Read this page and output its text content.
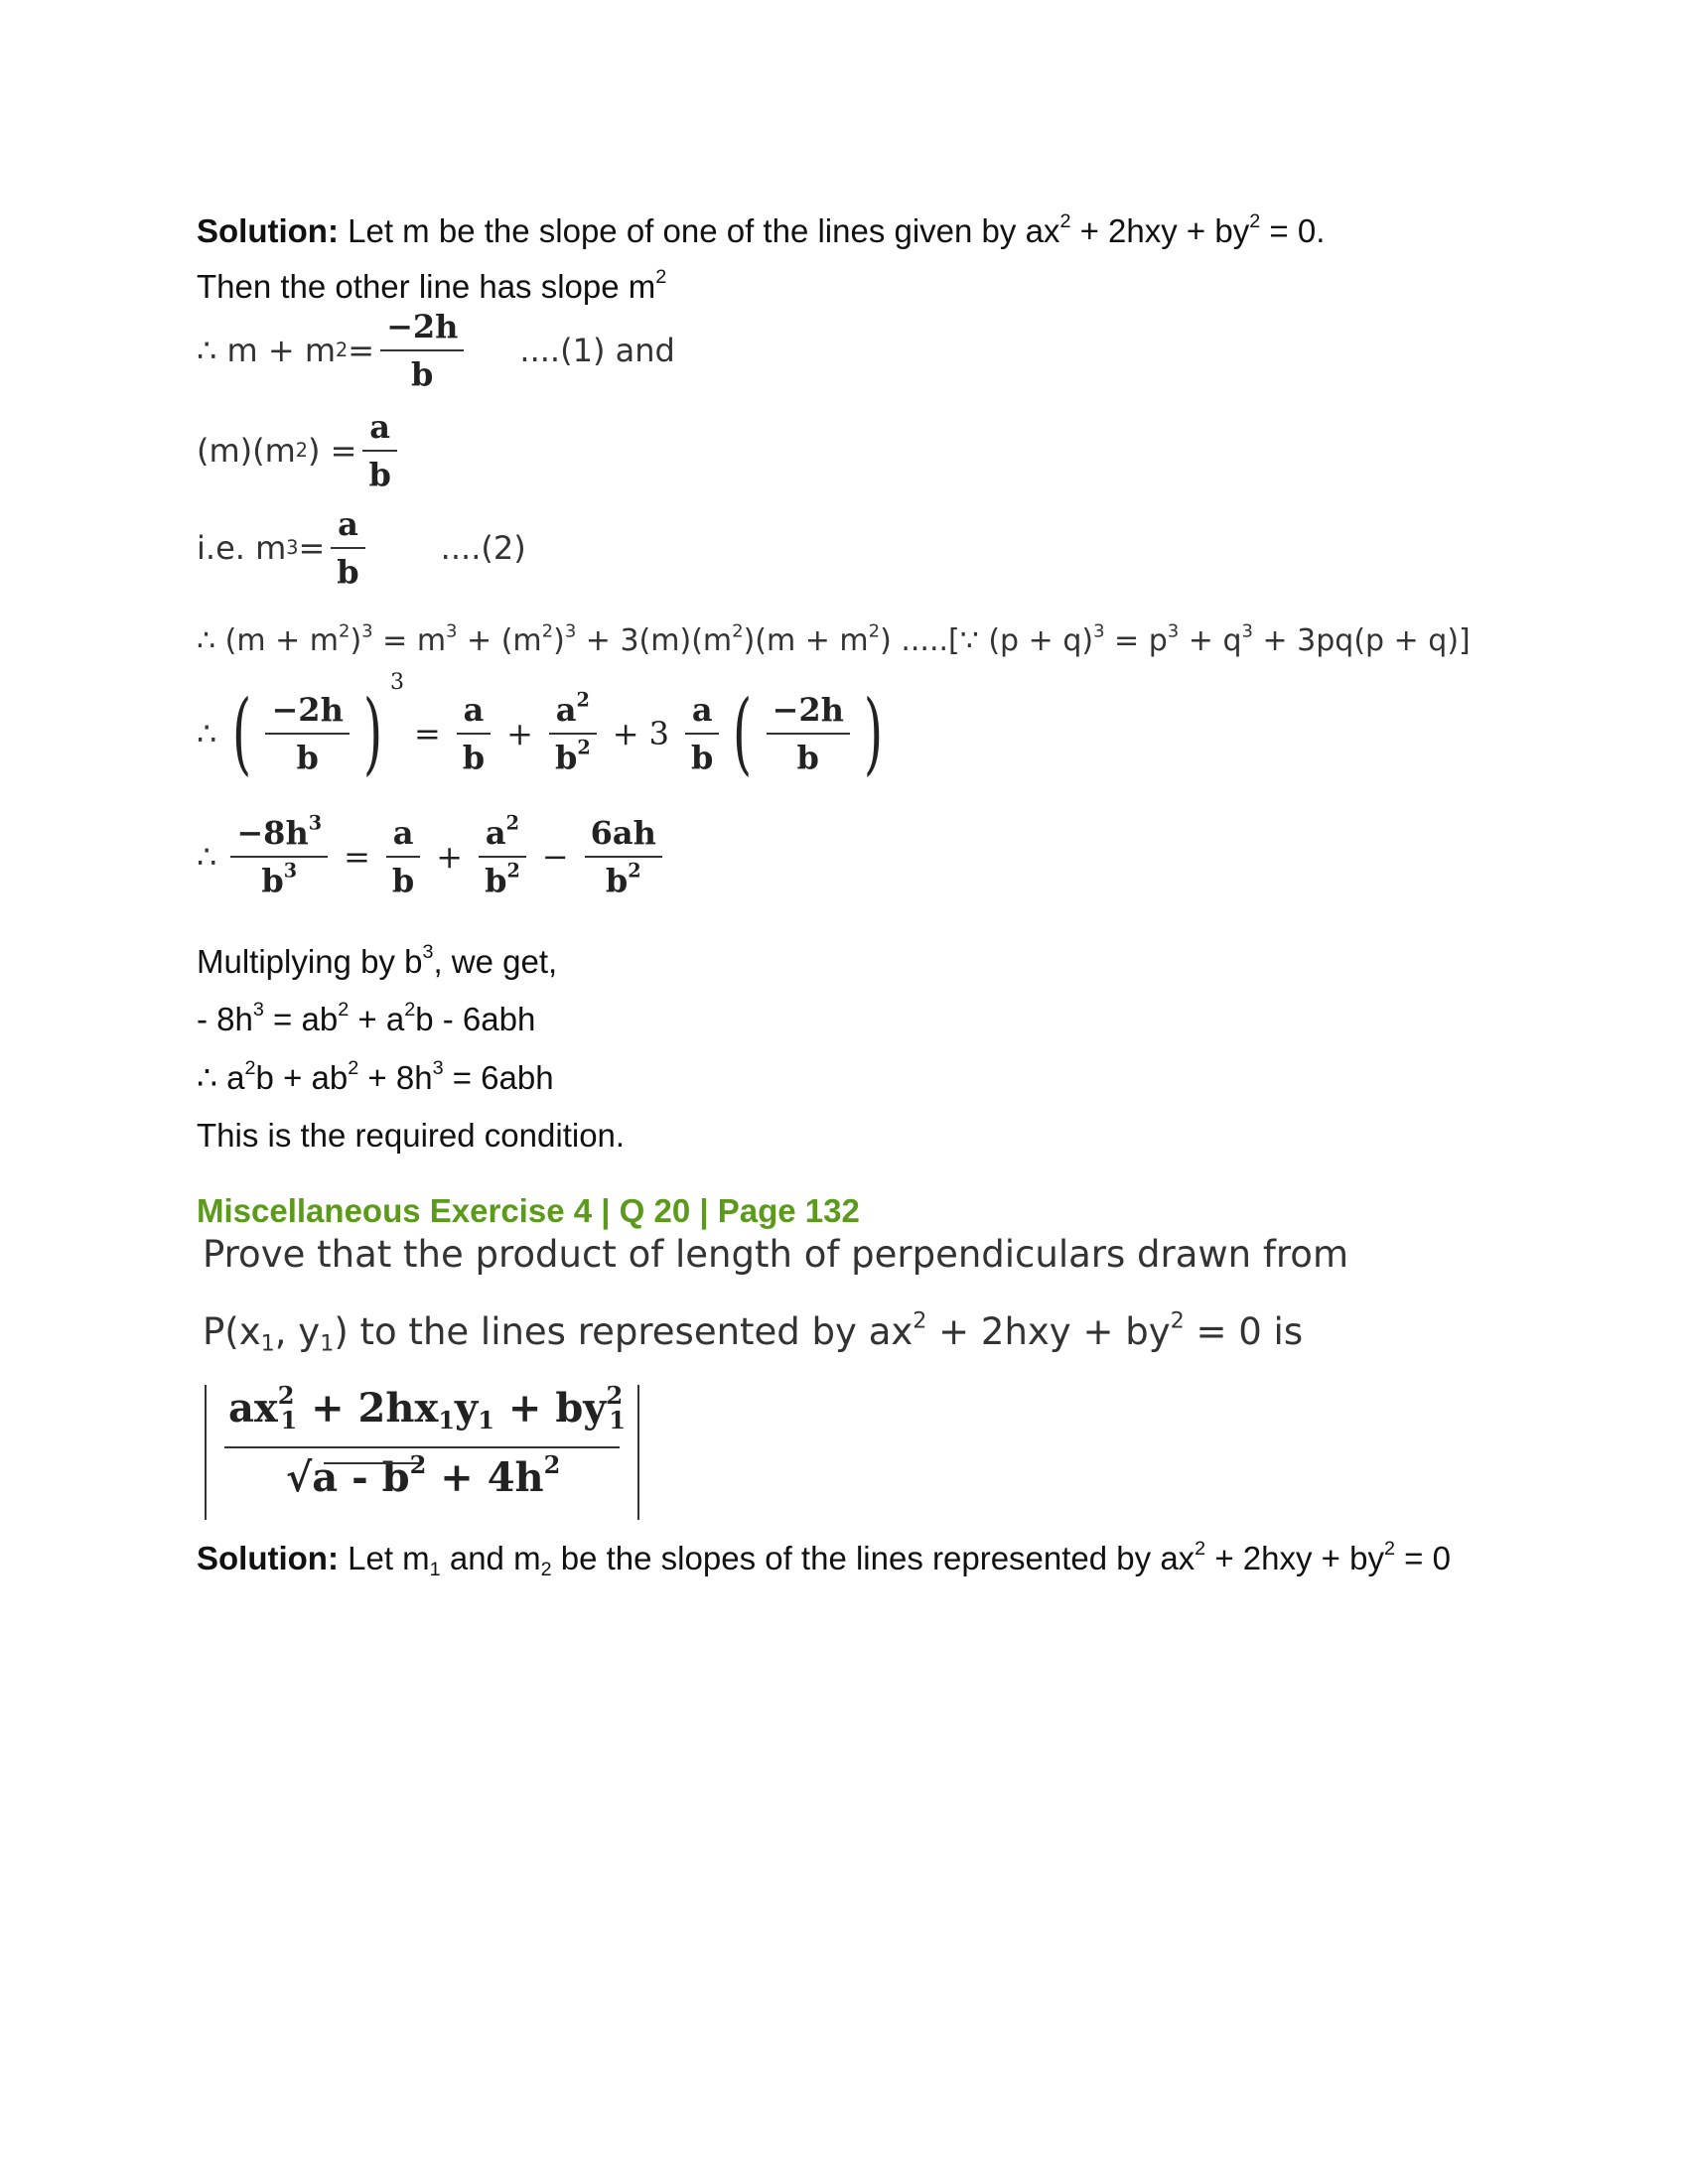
Solution: Let m be the slope of one of the lines given by $ax^2 + 2hxy + by^2 = 0$.
Then the other line has slope $m^2$
∴ m + m $2 = \frac{-2h}{b} ....(1)$ and
(m)(m 2 ) = $\frac{a}{b}$
i.e. m $3 = \frac{a}{b} ....(2)$
∴ $(m + m^2)^3 = m^3 + (m^2)^3 + 3(m)(m^2)(m + m^2)$ .....[∵ $(p + q)^3 = p^3 + q^3 + 3pq(p + q)$]
∴ ( $\frac{-2h}{b}$ ) 3
= $\frac{a}{b} + \frac{a^2}{b^2} + 3 \frac{a}{b}$ ( $\frac{-2h}{b}$ )
∴ $\frac{-8h^3}{b^3} = \frac{a}{b} + \frac{a^2}{b^2} - \frac{6ah}{b^2}$
Multiplying by $b^3$, we get,
- $8h^3 = ab^2 + a^2b - 6abh$
∴ $a^2b + ab^2 + 8h^3 = 6abh$
This is the required condition.
Miscellaneous Exercise 4 | Q 20 | Page 132
Prove that the product of length of perpendiculars drawn from
$P(x_1$, $y_1$) to the lines represented by $ax^2 + 2hxy + by^2 = 0$ is
$ax^2_1 + 2hx_1y_1 + by^2_1$
$√a - b^2 + 4h^2$
Solution: Let $m_1$ and $m_2$ be the slopes of the lines represented by $ax^2 + 2hxy + by^2 = 0$
